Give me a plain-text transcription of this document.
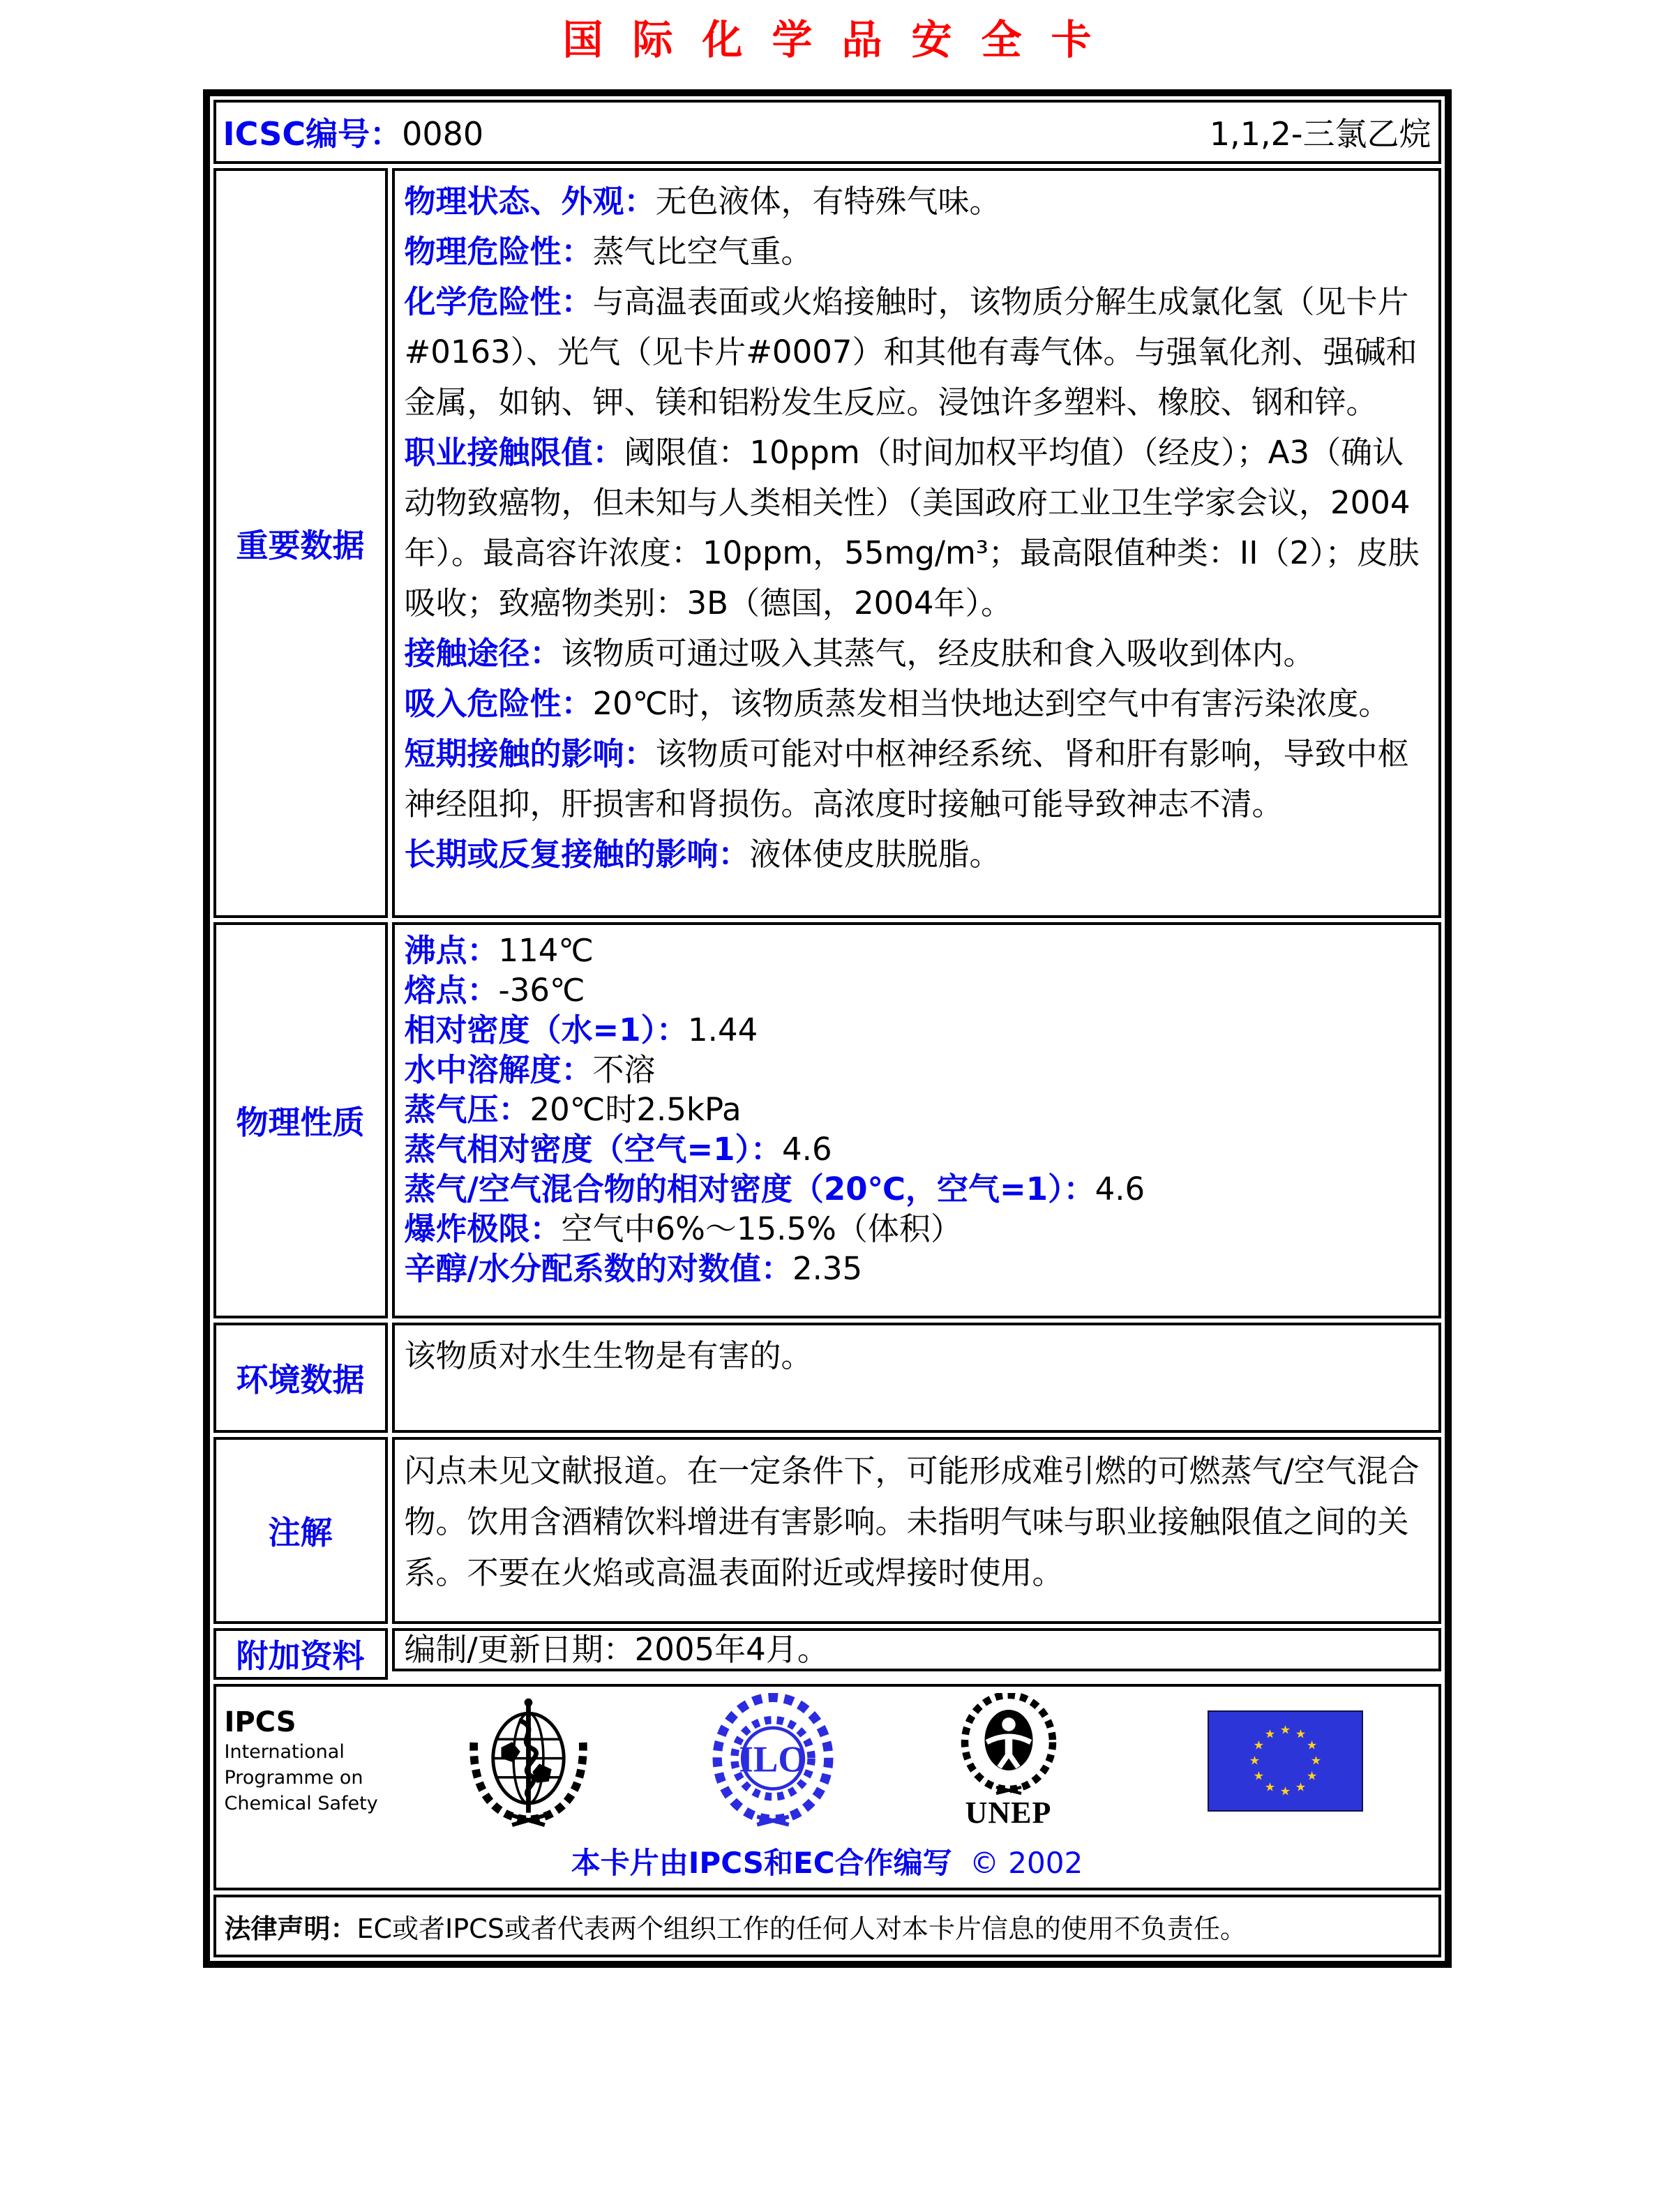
国际化学品安全卡
ICSC编号：0080	1,1,2-三氯乙烷
重要数据
物理状态、外观：无色液体，有特殊气味。
物理危险性：蒸气比空气重。
化学危险性：与高温表面或火焰接触时，该物质分解生成氯化氢（见卡片#0163）、光气（见卡片#0007）和其他有毒气体。与强氧化剂、强碱和金属，如钠、钾、镁和铝粉发生反应。浸蚀许多塑料、橡胶、钢和锌。
职业接触限值：阈限值：10ppm（时间加权平均值）（经皮）；A3（确认动物致癌物，但未知与人类相关性）（美国政府工业卫生学家会议，2004年）。最高容许浓度：10ppm，55mg/m³；最高限值种类：II（2）；皮肤吸收；致癌物类别：3B（德国，2004年）。
接触途径：该物质可通过吸入其蒸气，经皮肤和食入吸收到体内。
吸入危险性：20℃时，该物质蒸发相当快地达到空气中有害污染浓度。
短期接触的影响：该物质可能对中枢神经系统、肾和肝有影响，导致中枢神经阻抑，肝损害和肾损伤。高浓度时接触可能导致神志不清。
长期或反复接触的影响：液体使皮肤脱脂。
物理性质
沸点：114℃
熔点：-36℃
相对密度（水=1）：1.44
水中溶解度：不溶
蒸气压：20℃时2.5kPa
蒸气相对密度（空气=1）：4.6
蒸气/空气混合物的相对密度（20℃，空气=1）：4.6
爆炸极限：空气中6%～15.5%（体积）
辛醇/水分配系数的对数值：2.35
环境数据
该物质对水生生物是有害的。
注解
闪点未见文献报道。在一定条件下，可能形成难引燃的可燃蒸气/空气混合物。饮用含酒精饮料增进有害影响。未指明气味与职业接触限值之间的关系。不要在火焰或高温表面附近或焊接时使用。
附加资料 编制/更新日期：2005年4月。
IPCS
International
Programme on
Chemical Safety
ILO
UNEP
本卡片由IPCS和EC合作编写 © 2002
法律声明： EC或者IPCS或者代表两个组织工作的任何人对本卡片信息的使用不负责任。
